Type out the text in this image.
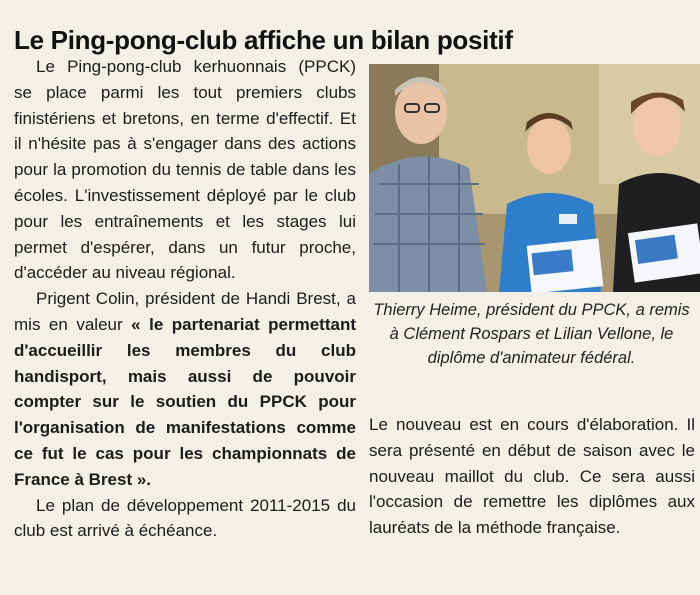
Le Ping-pong-club affiche un bilan positif

Le Ping-pong-club kerhuonnais (PPCK) se place parmi les tout premiers clubs finistériens et bretons, en terme d'effectif. Et il n'hésite pas à s'engager dans des actions pour la promotion du tennis de table dans les écoles. L'investissement déployé par le club pour les entraînements et les stages lui permet d'espérer, dans un futur proche, d'accéder au niveau régional.

Prigent Colin, président de Handi Brest, a mis en valeur « le partenariat permettant d'accueillir les membres du club handisport, mais aussi de pouvoir compter sur le soutien du PPCK pour l'organisation de manifestations comme ce fut le cas pour les championnats de France à Brest ».

Le plan de développement 2011-2015 du club est arrivé à échéance.

Thierry Heime, président du PPCK, a remis à Clément Rospars et Lilian Vellone, le diplôme d'animateur fédéral.

Le nouveau est en cours d'élaboration. Il sera présenté en début de saison avec le nouveau maillot du club. Ce sera aussi l'occasion de remettre les diplômes aux lauréats de la méthode française.
